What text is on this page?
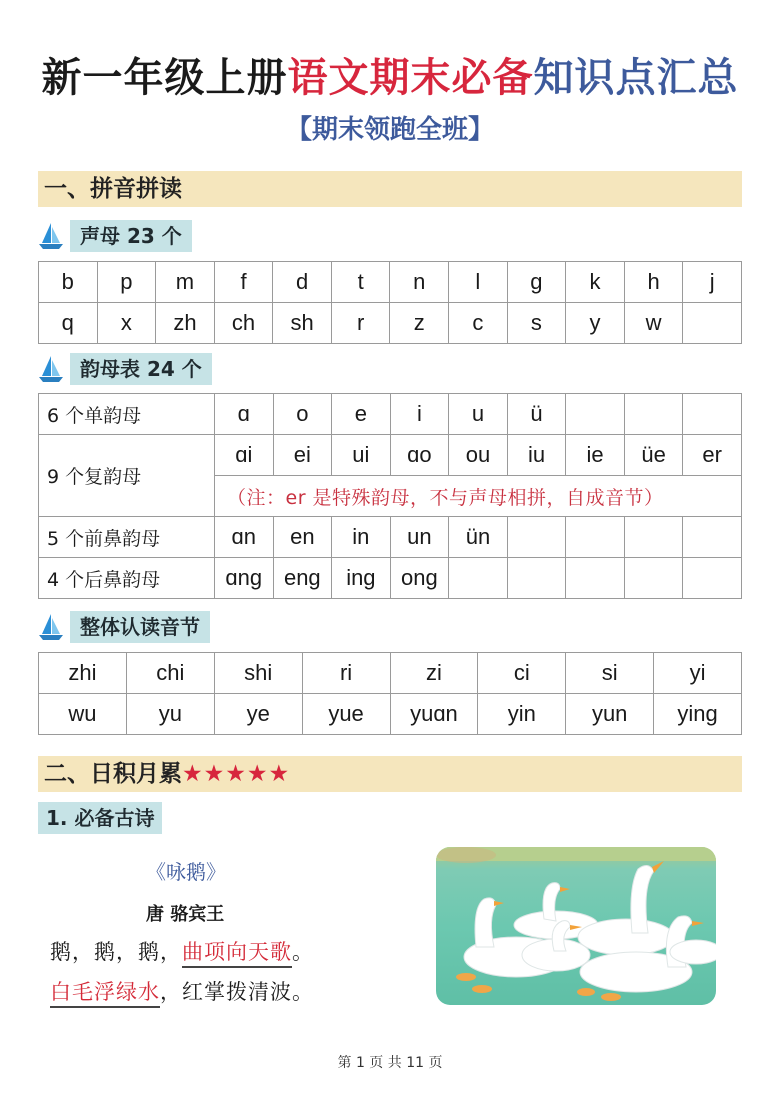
新一年级上册语文期末必备知识点汇总
【期末领跑全班】
一、拼音拼读
声母 23 个
b	p	m	f	d	t	n	l	g	k	h	j
q	x	zh	ch	sh	r	z	c	s	y	w	
韵母表 24 个
6 个单韵母	ɑ	o	e	i	u	ü			
9 个复韵母	ɑi	ei	ui	ɑo	ou	iu	ie	üe	er
	（注：er 是特殊韵母，不与声母相拼，自成音节）								
5 个前鼻韵母	ɑn	en	in	un	ün				
4 个后鼻韵母	ɑng	eng	ing	ong					
整体认读音节
zhi	chi	shi	ri	zi	ci	si	yi
wu	yu	ye	yue	yuɑn	yin	yun	ying
二、日积月累★★★★★
1. 必备古诗
《咏鹅》
唐 骆宾王
鹅，鹅，鹅，曲项向天歌。
白毛浮绿水，红掌拨清波。
第 1 页 共 11 页
